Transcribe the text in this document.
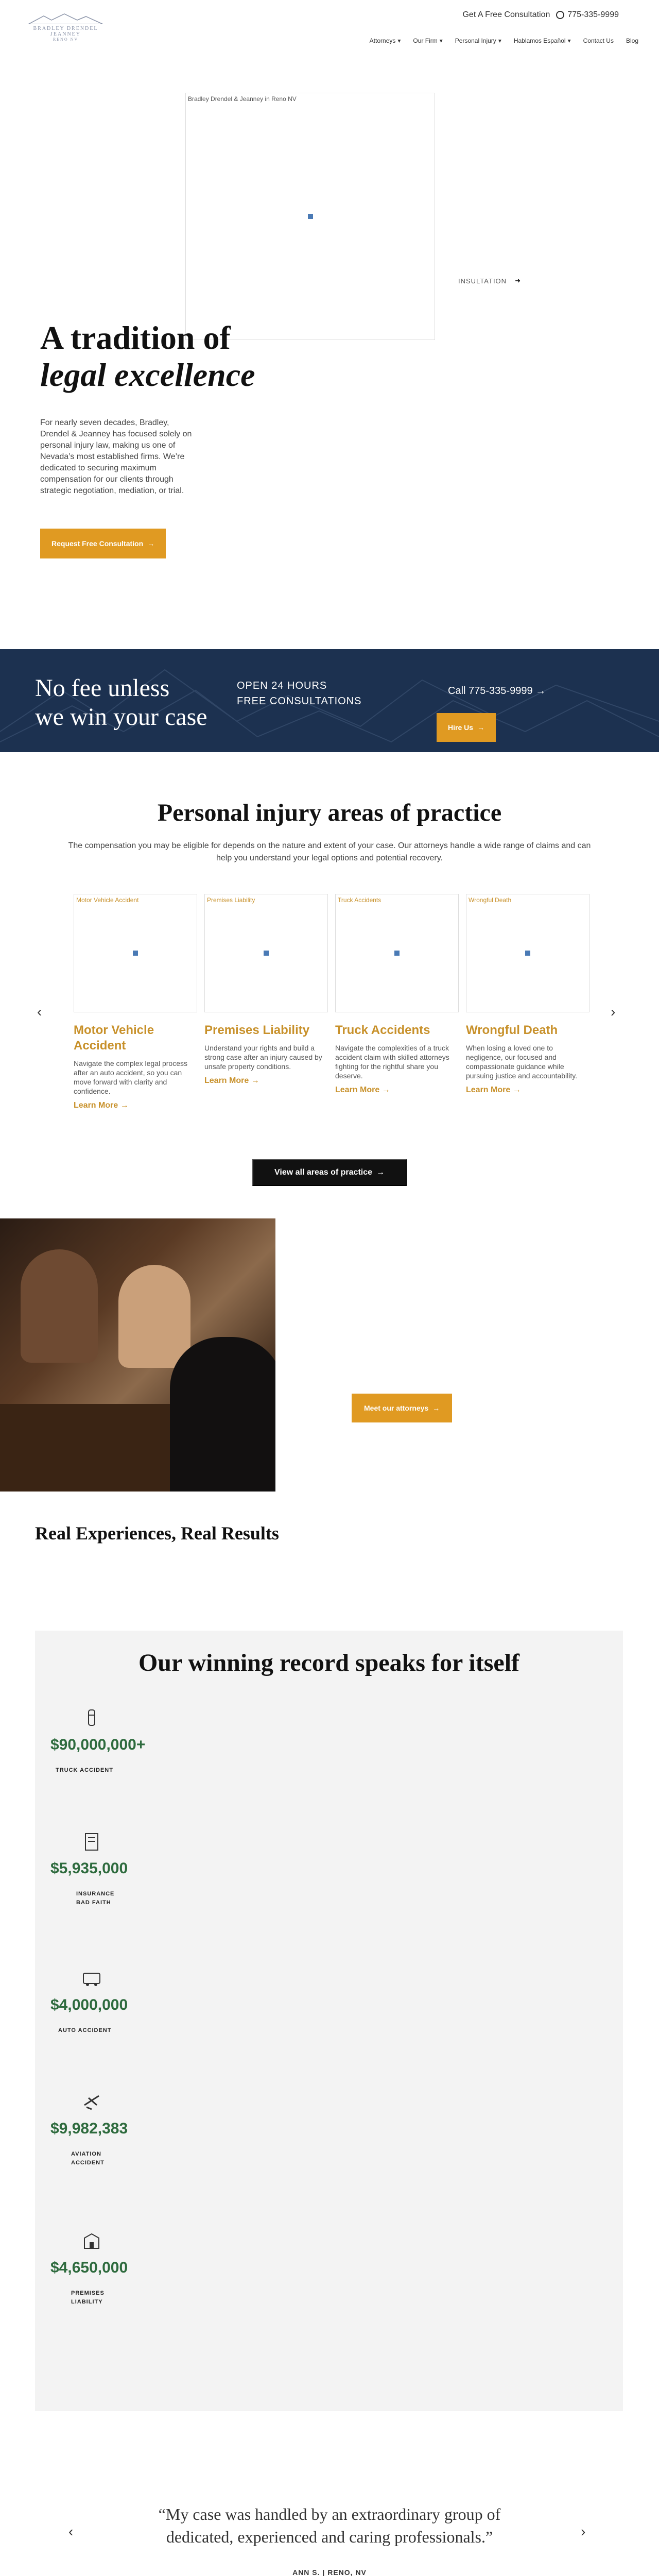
BRADLEY DRENDEL JEANNEY
RENO NV
Get A Free Consultation 775-335-9999
Attorneys ▾ Our Firm ▾ Personal Injury ▾ Hablamos Español ▾ Contact Us Blog
Bradley Drendel & Jeanney in Reno NV
INSULTATION ➜
A tradition of
legal excellence

For nearly seven decades, Bradley, Drendel & Jeanney has focused solely on personal injury law, making us one of Nevada’s most established firms. We’re dedicated to securing maximum compensation for our clients through strategic negotiation, mediation, or trial.

Request Free Consultation →
No fee unless
we win your case
OPEN 24 HOURS
FREE CONSULTATIONS
Call 775-335-9999 →
Hire Us →
Personal injury areas of practice

The compensation you may be eligible for depends on the nature and extent of your case. Our attorneys handle a wide range of claims and can help you understand your legal options and potential recovery.

‹	›
Motor Vehicle Accident
Motor Vehicle Accident
Navigate the complex legal process after an auto accident, so you can move forward with clarity and confidence.
Learn More →
Premises Liability
Premises Liability
Understand your rights and build a strong case after an injury caused by unsafe property conditions.
Learn More →
Truck Accidents
Truck Accidents
Navigate the complexities of a truck accident claim with skilled attorneys fighting for the rightful share you deserve.
Learn More →
Wrongful Death
Wrongful Death
When losing a loved one to negligence, our focused and compassionate guidance while pursuing justice and accountability.
Learn More →
View all areas of practice →
Meet our attorneys →
Real Experiences, Real Results
Our winning record speaks for itself
$90,000,000+
TRUCK ACCIDENT
$5,935,000
INSURANCE BAD FAITH
$4,000,000
AUTO ACCIDENT
$9,982,383
AVIATION ACCIDENT
$4,650,000
PREMISES LIABILITY
‹	›

“My case was handled by an extraordinary group of dedicated, experienced and caring professionals.”

ANN S. | RENO, NV
